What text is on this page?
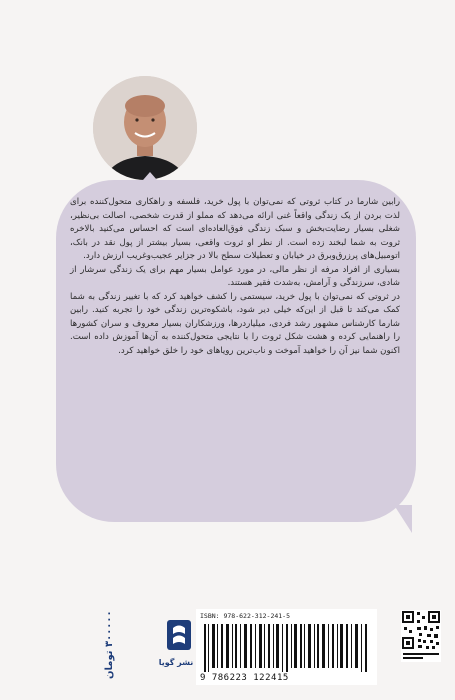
رابین شارما در کتاب ثروتی که نمی‌توان با پول خرید، فلسفه و راهکاری متحول‌کننده برای لذت بردن از یک زندگی واقعاً غنی ارائه می‌دهد که مملو از قدرت شخصی، اصالت بی‌نظیر، شغلی بسیار رضایت‌بخش و سبک زندگی فوق‌العاده‌ای است که احساس می‌کنید بالاخره ثروت به شما لبخند زده است. از نظر او ثروت واقعی، بسیار بیشتر از پول نقد در بانک، اتومبیل‌های پرزرق‌وبرق در خیابان و تعطیلات سطح بالا در جزایر عجیب‌وغریب ارزش دارد.

بسیاری از افراد مرفه از نظر مالی، در مورد عوامل بسیار مهم برای یک زندگی سرشار از شادی، سرزندگی و آرامش، به‌شدت فقیر هستند.

در ثروتی که نمی‌توان با پول خرید، سیستمی را کشف خواهید کرد که با تغییر زندگی به شما کمک می‌کند تا قبل از این‌که خیلی دیر شود، باشکوه‌ترین زندگی خود را تجربه کنید. رابین شارما کارشناس مشهور رشد فردی، میلیاردرها، ورزشکاران بسیار معروف و سران کشورها را راهنمایی کرده و هشت شکل ثروت را با نتایجی متحول‌کننده به آن‌ها آموزش داده است. اکنون شما نیز آن را خواهید آموخت و ناب‌ترین رویاهای خود را خلق خواهید کرد.

۳۰۰۰۰۰ تومان
نشر گویا
ISBN: 978-622-312-241-5
9 786223 122415
